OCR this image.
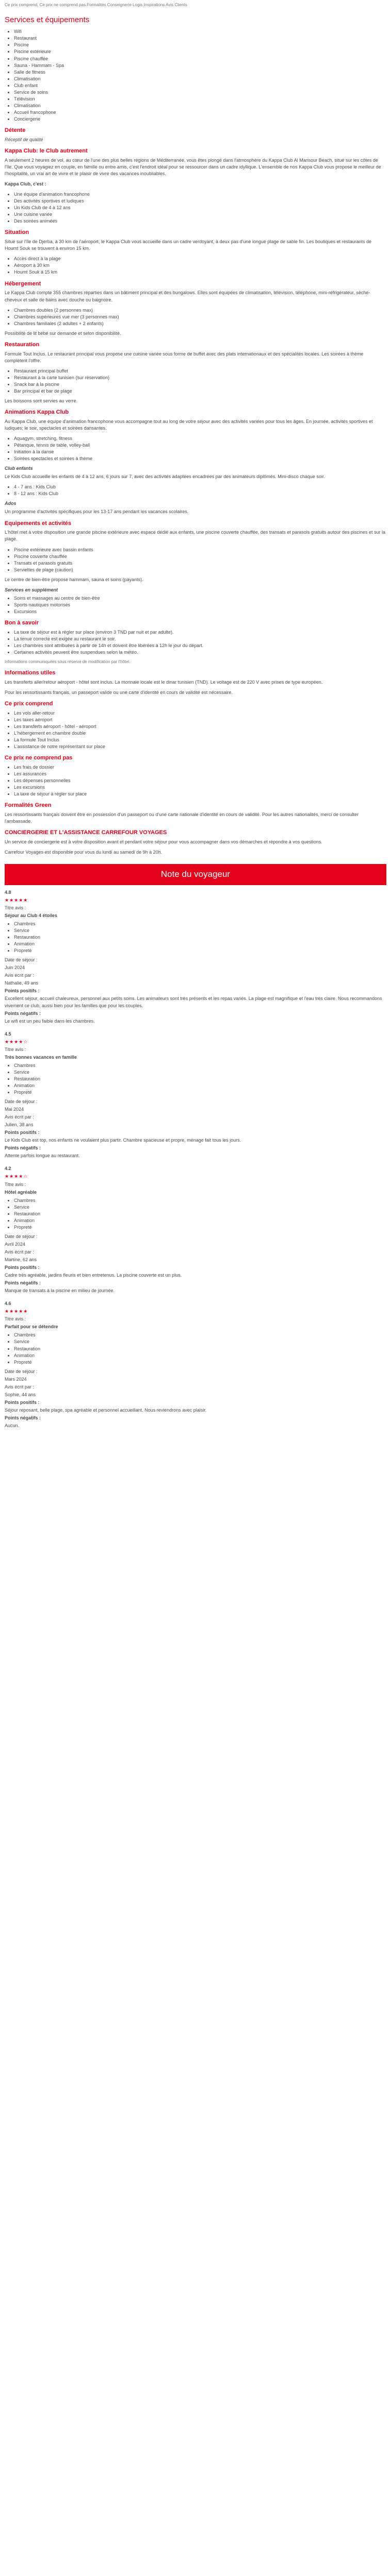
Ce prix comprend, Ce prix ne comprend pas Formalités Conseignerie Logis Inspirations Avis Clients

Services et équipements
• Wifi
• Restaurant
• Piscine
• Piscine extérieure
• Piscine chauffée
• Sauna - Hammam - Spa
• Salle de fitness
• Climatisation
• Club enfant
• Service de soins
• Télévision
• Climatisation
• Accueil francophone
• Conciergerie
Détente

Réceptif de qualité

Kappa Club: le Club autrement

A seulement 2 heures de vol, au cœur de l'une des plus belles régions de Méditerranée, vous êtes plongé dans l'atmosphère du Kappa Club Al Mansour Beach, situé sur les côtes de l'île. Que vous voyagiez en couple, en famille ou entre amis, c'est l'endroit idéal pour se ressourcer dans un cadre idyllique. L'ensemble de nos Kappa Club vous propose le meilleur de l'hospitalité, un vrai art de vivre et le plaisir de vivre des vacances inoubliables.

Kappa Club, c'est :

• Une équipe d'animation francophone
• Des activités sportives et ludiques
• Un Kids Club de 4 à 12 ans
• Une cuisine variée
• Des soirées animées
Situation

Situé sur l'île de Djerba, à 30 km de l'aéroport, le Kappa Club vous accueille dans un cadre verdoyant, à deux pas d'une longue plage de sable fin. Les boutiques et restaurants de Houmt Souk se trouvent à environ 15 km.

• Accès direct à la plage
• Aéroport à 30 km
• Houmt Souk à 15 km
Hébergement

Le Kappa Club compte 355 chambres réparties dans un bâtiment principal et des bungalows. Elles sont équipées de climatisation, télévision, téléphone, mini-réfrigérateur, sèche-cheveux et salle de bains avec douche ou baignoire.

• Chambres doubles (2 personnes max)
• Chambres supérieures vue mer (3 personnes max)
• Chambres familiales (2 adultes + 2 enfants)

Possibilité de lit bébé sur demande et selon disponibilité.

Restauration

Formule Tout Inclus. Le restaurant principal vous propose une cuisine variée sous forme de buffet avec des plats internationaux et des spécialités locales. Les soirées à thème complètent l'offre.

• Restaurant principal buffet
• Restaurant à la carte tunisien (sur réservation)
• Snack bar à la piscine
• Bar principal et bar de plage

Les boissons sont servies au verre.

Animations Kappa Club

Au Kappa Club, une équipe d'animation francophone vous accompagne tout au long de votre séjour avec des activités variées pour tous les âges. En journée, activités sportives et ludiques; le soir, spectacles et soirées dansantes.

• Aquagym, stretching, fitness
• Pétanque, tennis de table, volley-ball
• Initiation à la danse
• Soirées spectacles et soirées à thème

Club enfants

Le Kids Club accueille les enfants de 4 à 12 ans, 6 jours sur 7, avec des activités adaptées encadrées par des animateurs diplômés. Mini-disco chaque soir.

• 4 - 7 ans : Kids Club
• 8 - 12 ans : Kids Club

Ados

Un programme d'activités spécifiques pour les 13-17 ans pendant les vacances scolaires.

Equipements et activités

L'hôtel met à votre disposition une grande piscine extérieure avec espace dédié aux enfants, une piscine couverte chauffée, des transats et parasols gratuits autour des piscines et sur la plage.

• Piscine extérieure avec bassin enfants
• Piscine couverte chauffée
• Transats et parasols gratuits
• Serviettes de plage (caution)

Le centre de bien-être propose hammam, sauna et soins (payants).

Services en supplément

• Soins et massages au centre de bien-être
• Sports nautiques motorisés
• Excursions
Bon à savoir
• La taxe de séjour est à régler sur place (environ 3 TND par nuit et par adulte).
• La tenue correcte est exigée au restaurant le soir.
• Les chambres sont attribuées à partir de 14h et doivent être libérées à 12h le jour du départ.
• Certaines activités peuvent être suspendues selon la météo.

Informations communiquées sous réserve de modification par l'hôtel.

Informations utiles

Les transferts aller/retour aéroport - hôtel sont inclus. La monnaie locale est le dinar tunisien (TND). Le voltage est de 220 V avec prises de type européen.

Pour les ressortissants français, un passeport valide ou une carte d'identité en cours de validité est nécessaire.

Ce prix comprend
• Les vols aller-retour
• Les taxes aéroport
• Les transferts aéroport - hôtel - aéroport
• L'hébergement en chambre double
• La formule Tout Inclus
• L'assistance de notre représentant sur place
Ce prix ne comprend pas
• Les frais de dossier
• Les assurances
• Les dépenses personnelles
• Les excursions
• La taxe de séjour à régler sur place
Formalités Green

Les ressortissants français doivent être en possession d'un passeport ou d'une carte nationale d'identité en cours de validité. Pour les autres nationalités, merci de consulter l'ambassade.

CONCIERGERIE ET L'ASSISTANCE CARREFOUR VOYAGES

Un service de conciergerie est à votre disposition avant et pendant votre séjour pour vous accompagner dans vos démarches et répondre à vos questions.

Carrefour Voyages est disponible pour vous du lundi au samedi de 9h à 20h.

Note du voyageur

4.8

★★★★★

Titre avis :

Séjour au Club 4 étoiles

• Chambres
• Service
• Restauration
• Animation
• Propreté

Date de séjour :

Juin 2024

Avis écrit par :

Nathalie, 49 ans

Points positifs :

Excellent séjour, accueil chaleureux, personnel aux petits soins. Les animateurs sont très présents et les repas variés. La plage est magnifique et l'eau très claire. Nous recommandons vivement ce club, aussi bien pour les familles que pour les couples.

Points négatifs :

Le wifi est un peu faible dans les chambres.

4.5

★★★★☆

Titre avis :

Très bonnes vacances en famille

• Chambres
• Service
• Restauration
• Animation
• Propreté

Date de séjour :

Mai 2024

Avis écrit par :

Julien, 38 ans

Points positifs :

Le Kids Club est top, nos enfants ne voulaient plus partir. Chambre spacieuse et propre, ménage fait tous les jours.

Points négatifs :

Attente parfois longue au restaurant.

4.2

★★★★☆

Titre avis :

Hôtel agréable

• Chambres
• Service
• Restauration
• Animation
• Propreté

Date de séjour :

Avril 2024

Avis écrit par :

Martine, 62 ans

Points positifs :

Cadre très agréable, jardins fleuris et bien entretenus. La piscine couverte est un plus.

Points négatifs :

Manque de transats à la piscine en milieu de journée.

4.6

★★★★★

Titre avis :

Parfait pour se détendre

• Chambres
• Service
• Restauration
• Animation
• Propreté

Date de séjour :

Mars 2024

Avis écrit par :

Sophie, 44 ans

Points positifs :

Séjour reposant, belle plage, spa agréable et personnel accueillant. Nous reviendrons avec plaisir.

Points négatifs :

Aucun.
